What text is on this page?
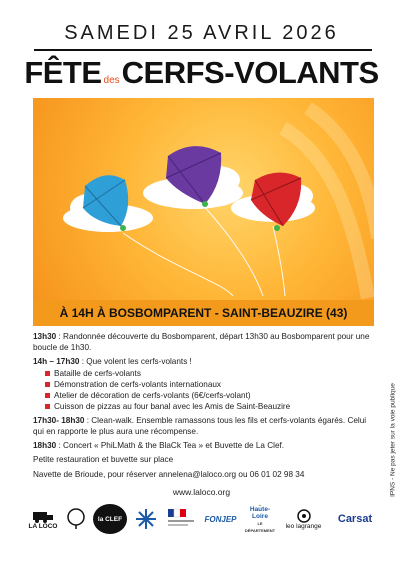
SAMEDI 25 AVRIL 2026
FÊTE desCERFS-VOLANTS
À 14H À BOSBOMPARENT - SAINT-BEAUZIRE (43)

13h30 : Randonnée découverte du Bosbomparent, départ 13h30 au Bosbomparent pour une boucle de 1h30.

14h – 17h30 : Que volent les cerfs-volants !

Bataille de cerfs-volants
Démonstration de cerfs-volants internationaux
Atelier de décoration de cerfs-volants (6€/cerfs-volant)
Cuisson de pizzas au four banal avec les Amis de Saint-Beauzire

17h30- 18h30 : Clean-walk. Ensemble ramassons tous les fils et cerfs-volants égarés. Celui qui en rapporte le plus aura une récompense.

18h30 : Concert « PhiLMath & the BlaCk Tea » et Buvette de La Clef.

Petite restauration et buvette sur place

Navette de Brioude, pour réserver annelena@laloco.org ou 06 01 02 98 34
www.laloco.org
LA LOCO
la CLEF	FONJEP
Haute-Loire
LE DÉPARTEMENT
leo lagrange
Carsat
IPNS - Ne pas jeter sur la voie publique
